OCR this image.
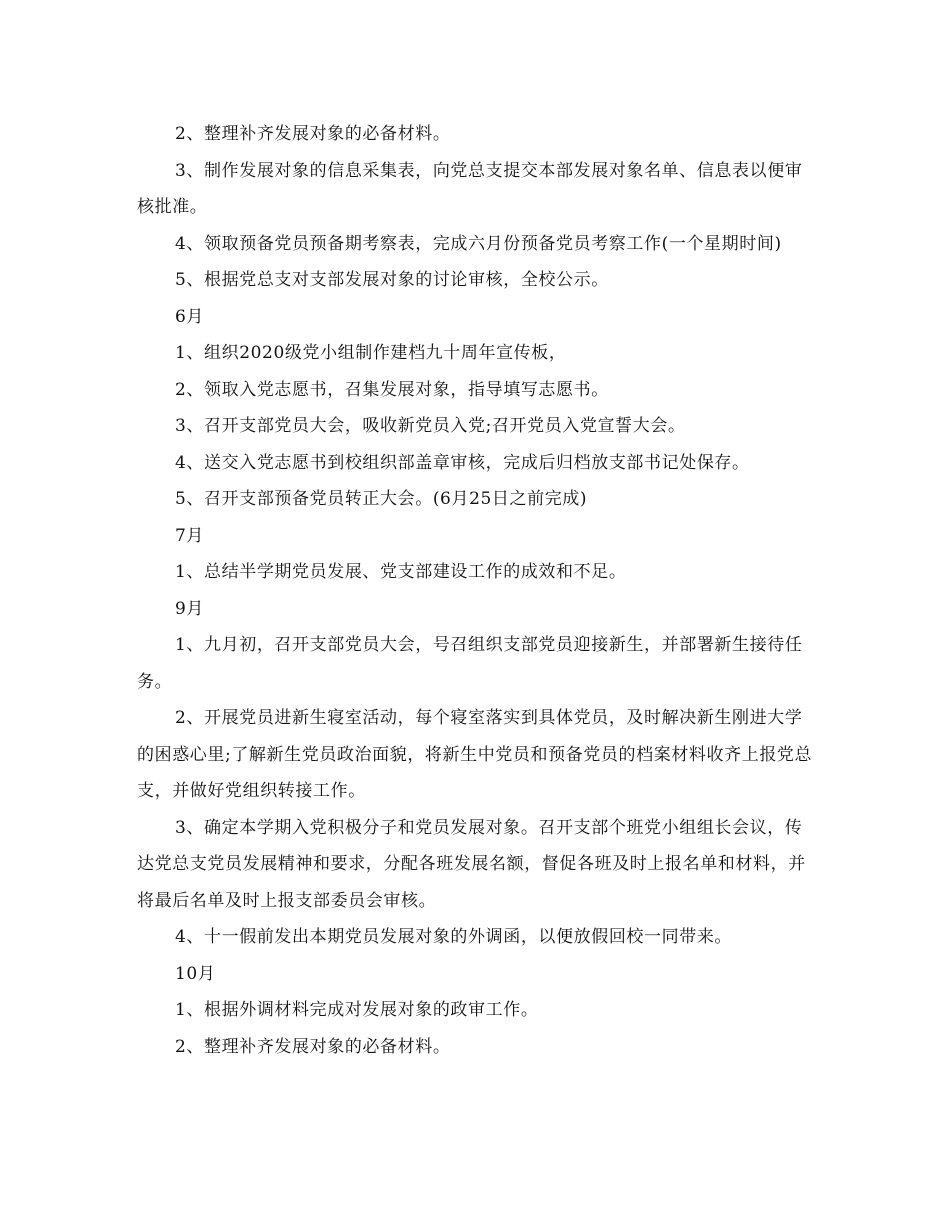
2、整理补齐发展对象的必备材料。

3、制作发展对象的信息采集表，向党总支提交本部发展对象名单、信息表以便审核批准。

4、领取预备党员预备期考察表，完成六月份预备党员考察工作(一个星期时间)

5、根据党总支对支部发展对象的讨论审核，全校公示。

6月

1、组织2020级党小组制作建档九十周年宣传板，

2、领取入党志愿书，召集发展对象，指导填写志愿书。

3、召开支部党员大会，吸收新党员入党;召开党员入党宣誓大会。

4、送交入党志愿书到校组织部盖章审核，完成后归档放支部书记处保存。

5、召开支部预备党员转正大会。(6月25日之前完成)

7月

1、总结半学期党员发展、党支部建设工作的成效和不足。

9月

1、九月初，召开支部党员大会，号召组织支部党员迎接新生，并部署新生接待任务。

2、开展党员进新生寝室活动，每个寝室落实到具体党员，及时解决新生刚进大学的困惑心里;了解新生党员政治面貌，将新生中党员和预备党员的档案材料收齐上报党总支，并做好党组织转接工作。

3、确定本学期入党积极分子和党员发展对象。召开支部个班党小组组长会议，传达党总支党员发展精神和要求，分配各班发展名额，督促各班及时上报名单和材料，并将最后名单及时上报支部委员会审核。

4、十一假前发出本期党员发展对象的外调函，以便放假回校一同带来。

10月

1、根据外调材料完成对发展对象的政审工作。

2、整理补齐发展对象的必备材料。
